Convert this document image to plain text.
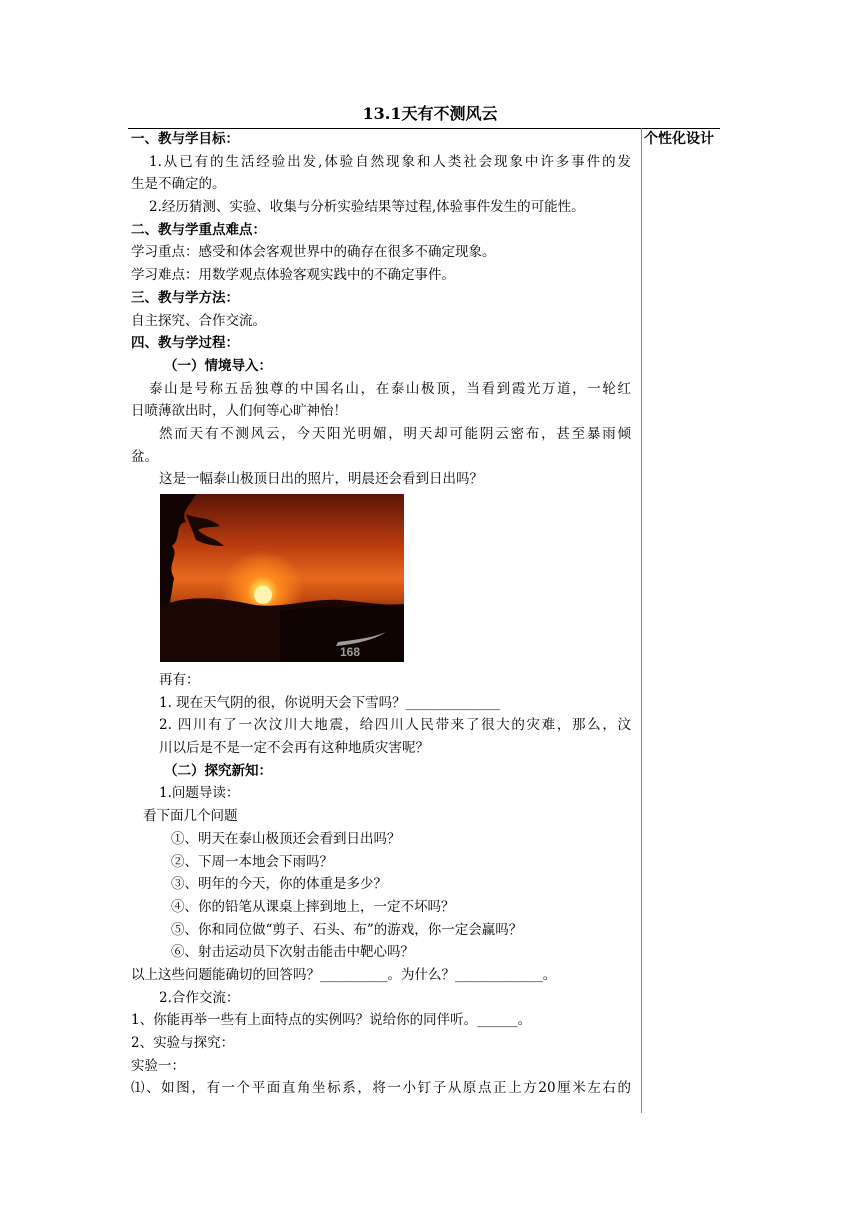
13.1天有不测风云
个性化设计
一、教与学目标：
1.从已有的生活经验出发,体验自然现象和人类社会现象中许多事件的发
生是不确定的。
2.经历猜测、实验、收集与分析实验结果等过程,体验事件发生的可能性。
二、教与学重点难点：
学习重点：感受和体会客观世界中的确存在很多不确定现象。
学习难点：用数学观点体验客观实践中的不确定事件。
三、教与学方法：
自主探究、合作交流。
四、教与学过程：
（一）情境导入：
泰山是号称五岳独尊的中国名山，在泰山极顶，当看到霞光万道，一轮红
日喷薄欲出时，人们何等心旷神怡！
然而天有不测风云，今天阳光明媚，明天却可能阴云密布，甚至暴雨倾
盆。
这是一幅泰山极顶日出的照片，明晨还会看到日出吗？
168
再有：
1. 现在天气阴的很，你说明天会下雪吗？______________
2. 四川有了一次汶川大地震，给四川人民带来了很大的灾难，那么，汶
川以后是不是一定不会再有这种地质灾害呢？
（二）探究新知：
1.问题导读：
看下面几个问题
①、明天在泰山极顶还会看到日出吗？
②、下周一本地会下雨吗？
③、明年的今天，你的体重是多少？
④、你的铅笔从课桌上摔到地上，一定不坏吗？
⑤、你和同位做“剪子、石头、布”的游戏，你一定会赢吗？
⑥、射击运动员下次射击能击中靶心吗？
以上这些问题能确切的回答吗？__________。为什么？_____________。
2.合作交流：
1、你能再举一些有上面特点的实例吗？说给你的同伴听。______。
2、实验与探究：
实验一：
⑴、如图，有一个平面直角坐标系，将一小钉子从原点正上方20厘米左右的
